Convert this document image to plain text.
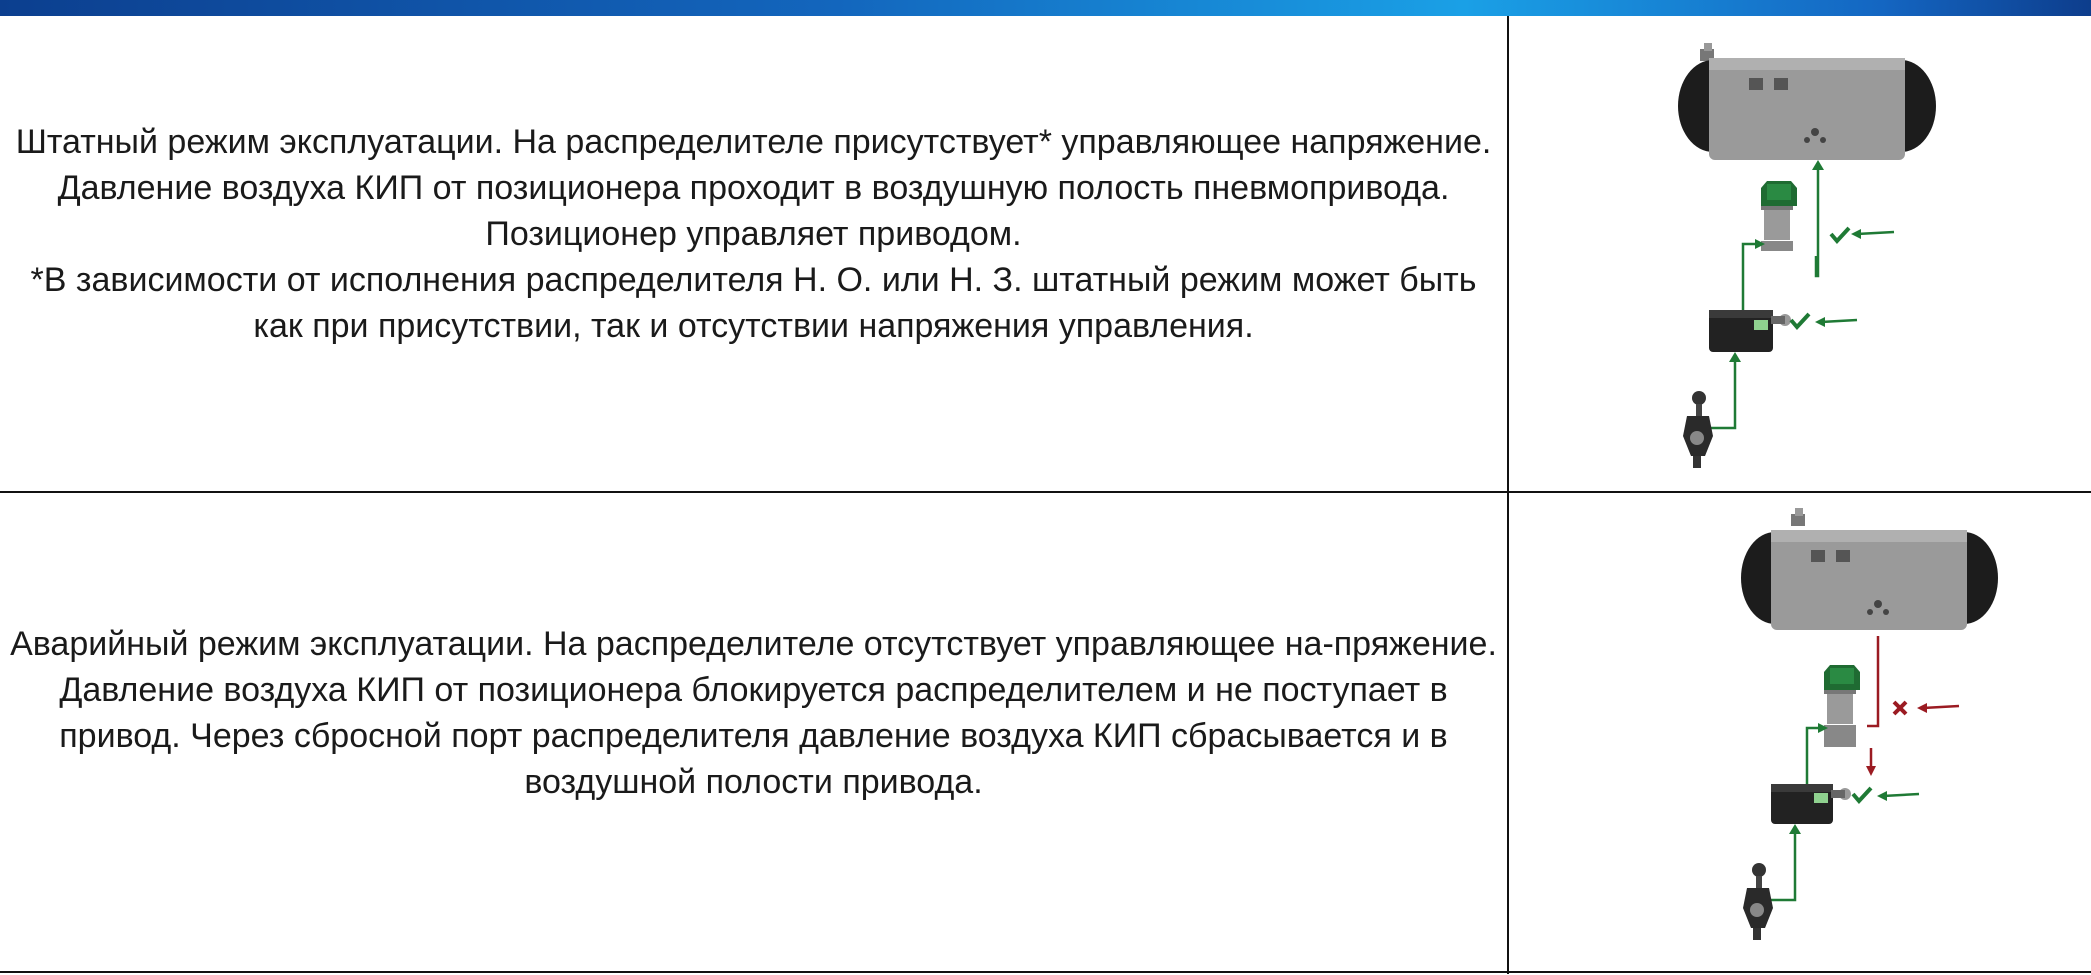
Штатный режим эксплуатации. На распределителе присутствует* управляющее напряжение. Давление воздуха КИП от позиционера проходит в воздушную полость пневмопривода. Позиционер управляет приводом.

*В зависимости от исполнения распределителя Н. О. или Н. З. штатный режим может быть как при присутствии, так и отсутствии напряжения управления.

Аварийный режим эксплуатации. На распределителе отсутствует управляющее на-пряжение. Давление воздуха КИП от позиционера блокируется распределителем и не поступает в привод. Через сбросной порт распределителя давление воздуха КИП сбрасывается и в воздушной полости привода.
